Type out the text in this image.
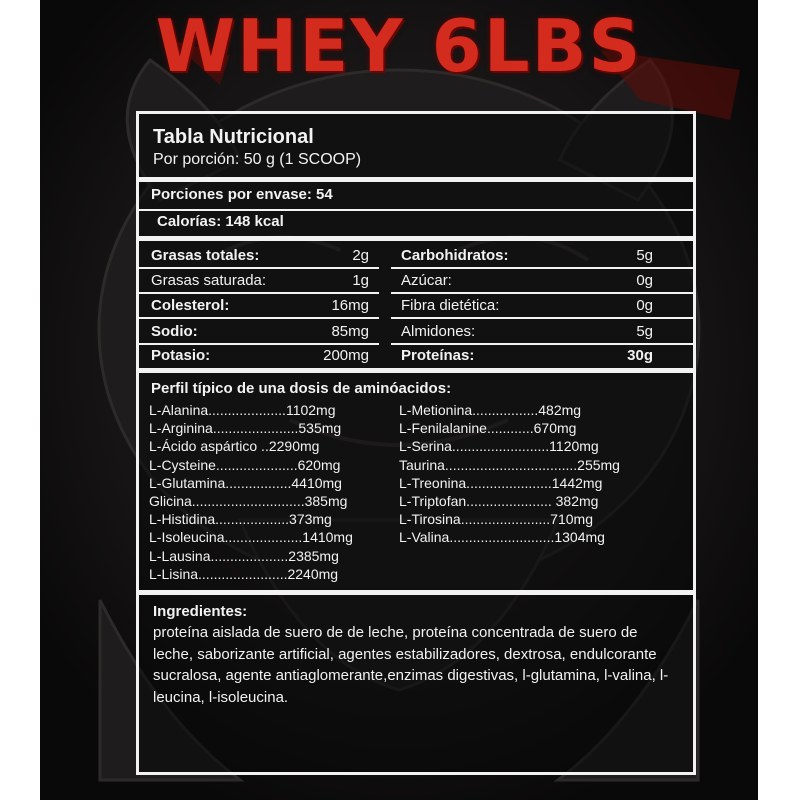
WHEY 6LBS
Tabla Nutricional
Por porción: 50 g (1 SCOOP)
Porciones por envase: 54
Calorías: 148 kcal
Grasas totales:	2g
Grasas saturada:	1g
Colesterol:	16mg
Sodio:	85mg
Potasio:	200mg
Carbohidratos:	5g
Azúcar:	0g
Fibra dietética:	0g
Almidones:	5g
Proteínas:	30g
Perfil típico de una dosis de aminóacidos:
L-Alanina....................1102mg
L-Arginina......................535mg
L-Ácido aspártico ..2290mg
L-Cysteine.....................620mg
L-Glutamina.................4410mg
Glicina.............................385mg
L-Histidina...................373mg
L-Isoleucina....................1410mg
L-Lausina....................2385mg
L-Lisina.......................2240mg
L-Metionina.................482mg
L-Fenilalanine............670mg
L-Serina.........................1120mg
Taurina..................................255mg
L-Treonina......................1442mg
L-Triptofan...................... 382mg
L-Tirosina.......................710mg
L-Valina...........................1304mg
Ingredientes:
proteína aislada de suero de de leche, proteína concentrada de suero de leche, saborizante artificial, agentes estabilizadores, dextrosa, endulcorante sucralosa, agente antiaglomerante,enzimas digestivas, l-glutamina, l-valina, l-leucina, l-isoleucina.
